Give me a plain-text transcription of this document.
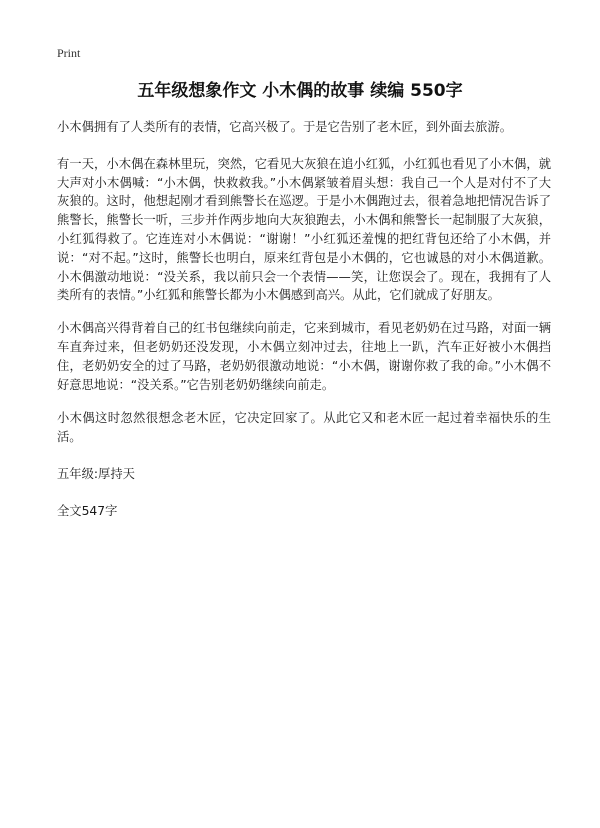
Print
五年级想象作文 小木偶的故事 续编 550字

小木偶拥有了人类所有的表情，它高兴极了。于是它告别了老木匠，到外面去旅游。

有一天，小木偶在森林里玩，突然，它看见大灰狼在追小红狐，小红狐也看见了小木偶，就大声对小木偶喊：“小木偶，快救救我。”小木偶紧皱着眉头想：我自己一个人是对付不了大灰狼的。这时，他想起刚才看到熊警长在巡逻。于是小木偶跑过去，很着急地把情况告诉了熊警长，熊警长一听，三步并作两步地向大灰狼跑去，小木偶和熊警长一起制服了大灰狼，小红狐得救了。它连连对小木偶说：“谢谢！”小红狐还羞愧的把红背包还给了小木偶，并说：“对不起。”这时，熊警长也明白，原来红背包是小木偶的，它也诚恳的对小木偶道歉。小木偶激动地说：“没关系，我以前只会一个表情——笑，让您误会了。现在，我拥有了人类所有的表情。”小红狐和熊警长都为小木偶感到高兴。从此，它们就成了好朋友。

小木偶高兴得背着自己的红书包继续向前走，它来到城市，看见老奶奶在过马路，对面一辆车直奔过来，但老奶奶还没发现，小木偶立刻冲过去，往地上一趴，汽车正好被小木偶挡住，老奶奶安全的过了马路，老奶奶很激动地说：“小木偶，谢谢你救了我的命。”小木偶不好意思地说：“没关系。”它告别老奶奶继续向前走。

小木偶这时忽然很想念老木匠，它决定回家了。从此它又和老木匠一起过着幸福快乐的生活。

五年级:厚持天

全文547字
